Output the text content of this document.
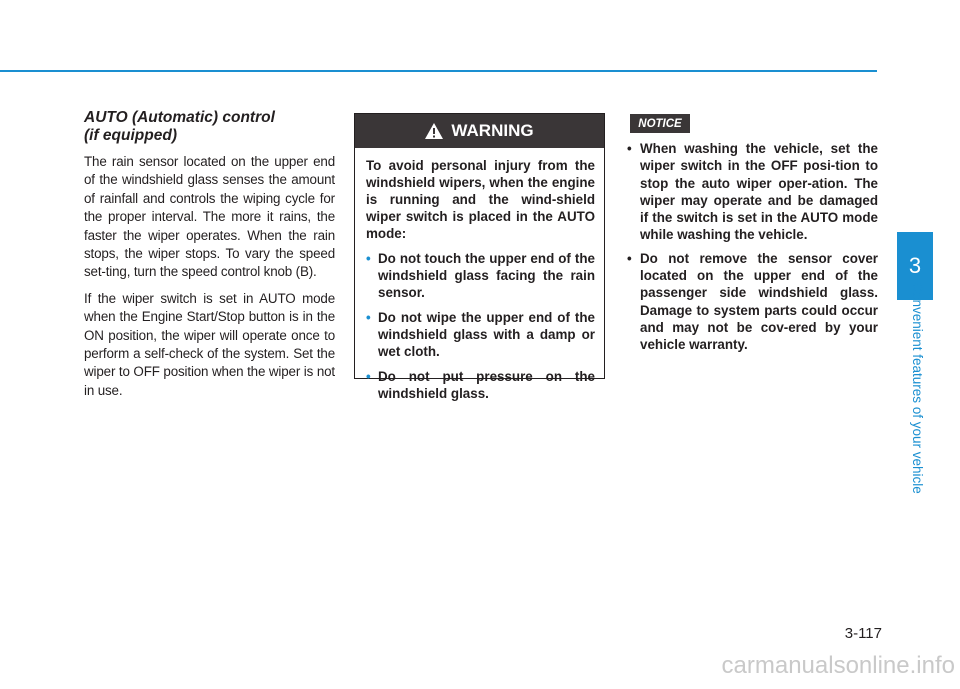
3
Convenient features of your vehicle
AUTO (Automatic) control
(if equipped)

The rain sensor located on the upper end of the windshield glass senses the amount of rainfall and controls the wiping cycle for the proper interval. The more it rains, the faster the wiper operates. When the rain stops, the wiper stops. To vary the speed set-ting, turn the speed control knob (B).

If the wiper switch is set in AUTO mode when the Engine Start/Stop button is in the ON position, the wiper will operate once to perform a self-check of the system. Set the wiper to OFF position when the wiper is not in use.

WARNING

To avoid personal injury from the windshield wipers, when the engine is running and the wind-shield wiper switch is placed in the AUTO mode:

• Do not touch the upper end of the windshield glass facing the rain sensor.
• Do not wipe the upper end of the windshield glass with a damp or wet cloth.
• Do not put pressure on the windshield glass.
NOTICE
• When washing the vehicle, set the wiper switch in the OFF posi-tion to stop the auto wiper oper-ation. The wiper may operate and be damaged if the switch is set in the AUTO mode while washing the vehicle.
• Do not remove the sensor cover located on the upper end of the passenger side windshield glass. Damage to system parts could occur and may not be cov-ered by your vehicle warranty.
3-117
carmanualsonline.info
